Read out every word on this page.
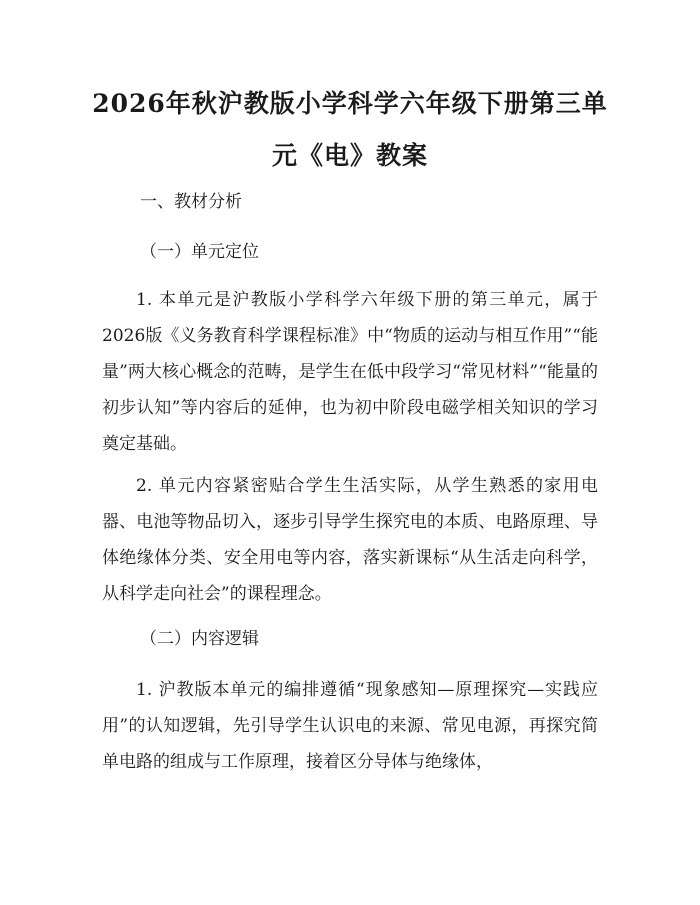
2026年秋沪教版小学科学六年级下册第三单元《电》教案
一、教材分析
（一）单元定位

1. 本单元是沪教版小学科学六年级下册的第三单元，属于2026版《义务教育科学课程标准》中“物质的运动与相互作用”“能量”两大核心概念的范畴，是学生在低中段学习“常见材料”“能量的初步认知”等内容后的延伸，也为初中阶段电磁学相关知识的学习奠定基础。

2. 单元内容紧密贴合学生生活实际，从学生熟悉的家用电器、电池等物品切入，逐步引导学生探究电的本质、电路原理、导体绝缘体分类、安全用电等内容，落实新课标“从生活走向科学，从科学走向社会”的课程理念。

（二）内容逻辑

1. 沪教版本单元的编排遵循“现象感知—原理探究—实践应用”的认知逻辑，先引导学生认识电的来源、常见电源，再探究简单电路的组成与工作原理，接着区分导体与绝缘体，
